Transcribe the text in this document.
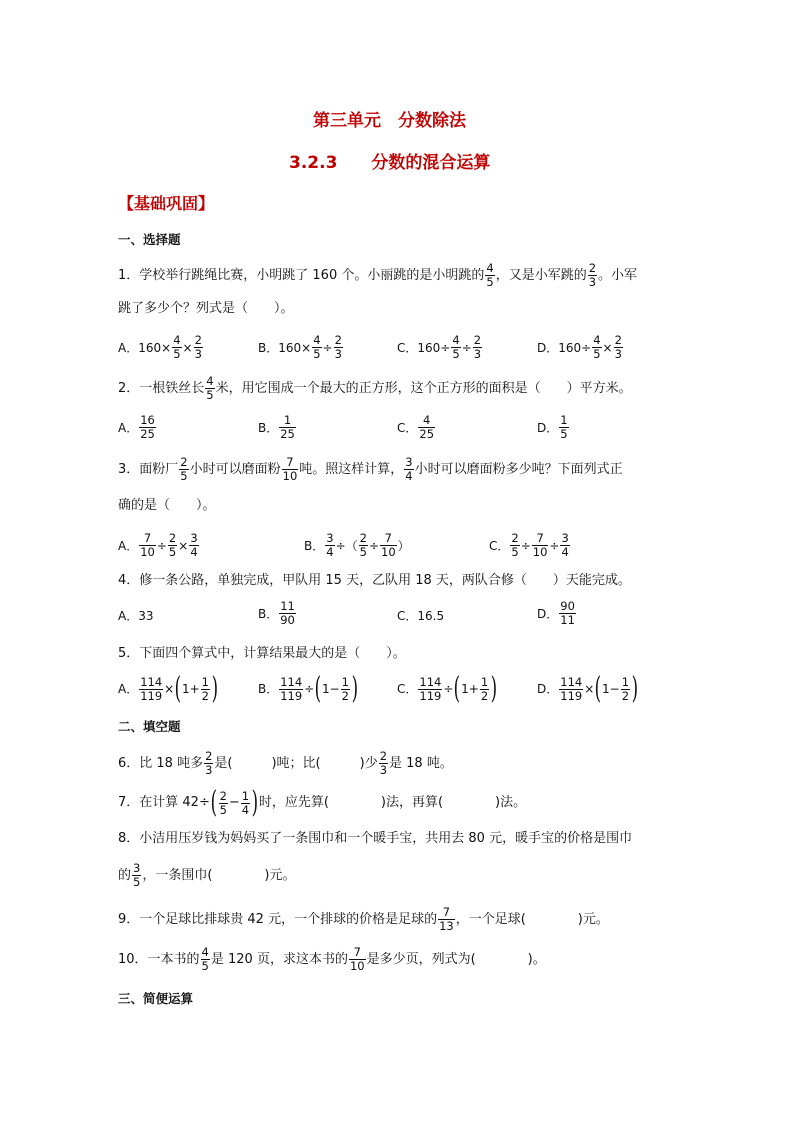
第三单元　分数除法
3.2.3　　分数的混合运算
【基础巩固】
一、选择题
1．学校举行跳绳比赛，小明跳了 160 个。小丽跳的是小明跳的 $\frac{4}{5}$ ，又是小军跳的 $\frac{2}{3}$ 。小军
跳了多少个？列式是（　　）。
A． $160\times \frac{4}{5} \times \frac{2}{3}$	B． $160\times \frac{4}{5} \div \frac{2}{3}$	C． $160\div \frac{4}{5} \div \frac{2}{3}$	D． $160\div \frac{4}{5} \times \frac{2}{3}$
2．一根铁丝长 $\frac{4}{5}$ 米，用它围成一个最大的正方形，这个正方形的面积是（　　）平方米。
A． $\frac{16}{25}$	B． $\frac{1}{25}$	C． $\frac{4}{25}$	D． $\frac{1}{5}$
3．面粉厂 $\frac{2}{5}$ 小时可以磨面粉 $\frac{7}{10}$ 吨。照这样计算， $\frac{3}{4}$ 小时可以磨面粉多少吨？下面列式正
确的是（　　）。
A． $\frac{7}{10} \div \frac{2}{5} \times \frac{3}{4}$	B． $\frac{3}{4}$ ÷（ $\frac{2}{5} \div \frac{7}{10}$ ）	C． $\frac{2}{5} \div \frac{7}{10} \div \frac{3}{4}$
4．修一条公路，单独完成，甲队用 15 天，乙队用 18 天，两队合修（　　）天能完成。
A． 33	B． $\frac{11}{90}$	C． 16.5	D． $\frac{90}{11}$
5．下面四个算式中，计算结果最大的是（　　）。
A． $\frac{114}{119}$ × ( $1+ \frac{1}{2}$ )	B． $\frac{114}{119}$ ÷ ( $1- \frac{1}{2}$ )	C． $\frac{114}{119}$ ÷ ( $1+ \frac{1}{2}$ )	D． $\frac{114}{119}$ × ( $1- \frac{1}{2}$ )
二、填空题
6．比 18 吨多 $\frac{2}{3}$ 是(　　　)吨；比(　　　)少 $\frac{2}{3}$ 是 18 吨。
7．在计算 $42\div( \frac{2}{5} - \frac{1}{4}$ )时，应先算(　　　　)法，再算(　　　　)法。
8．小洁用压岁钱为妈妈买了一条围巾和一个暖手宝，共用去 80 元，暖手宝的价格是围巾
的 $\frac{3}{5}$ ，一条围巾(　　　　)元。
9．一个足球比排球贵 42 元，一个排球的价格是足球的 $\frac{7}{13}$ ，一个足球(　　　　)元。
10．一本书的 $\frac{4}{5}$ 是 120 页，求这本书的 $\frac{7}{10}$ 是多少页，列式为(　　　　)。
三、简便运算
